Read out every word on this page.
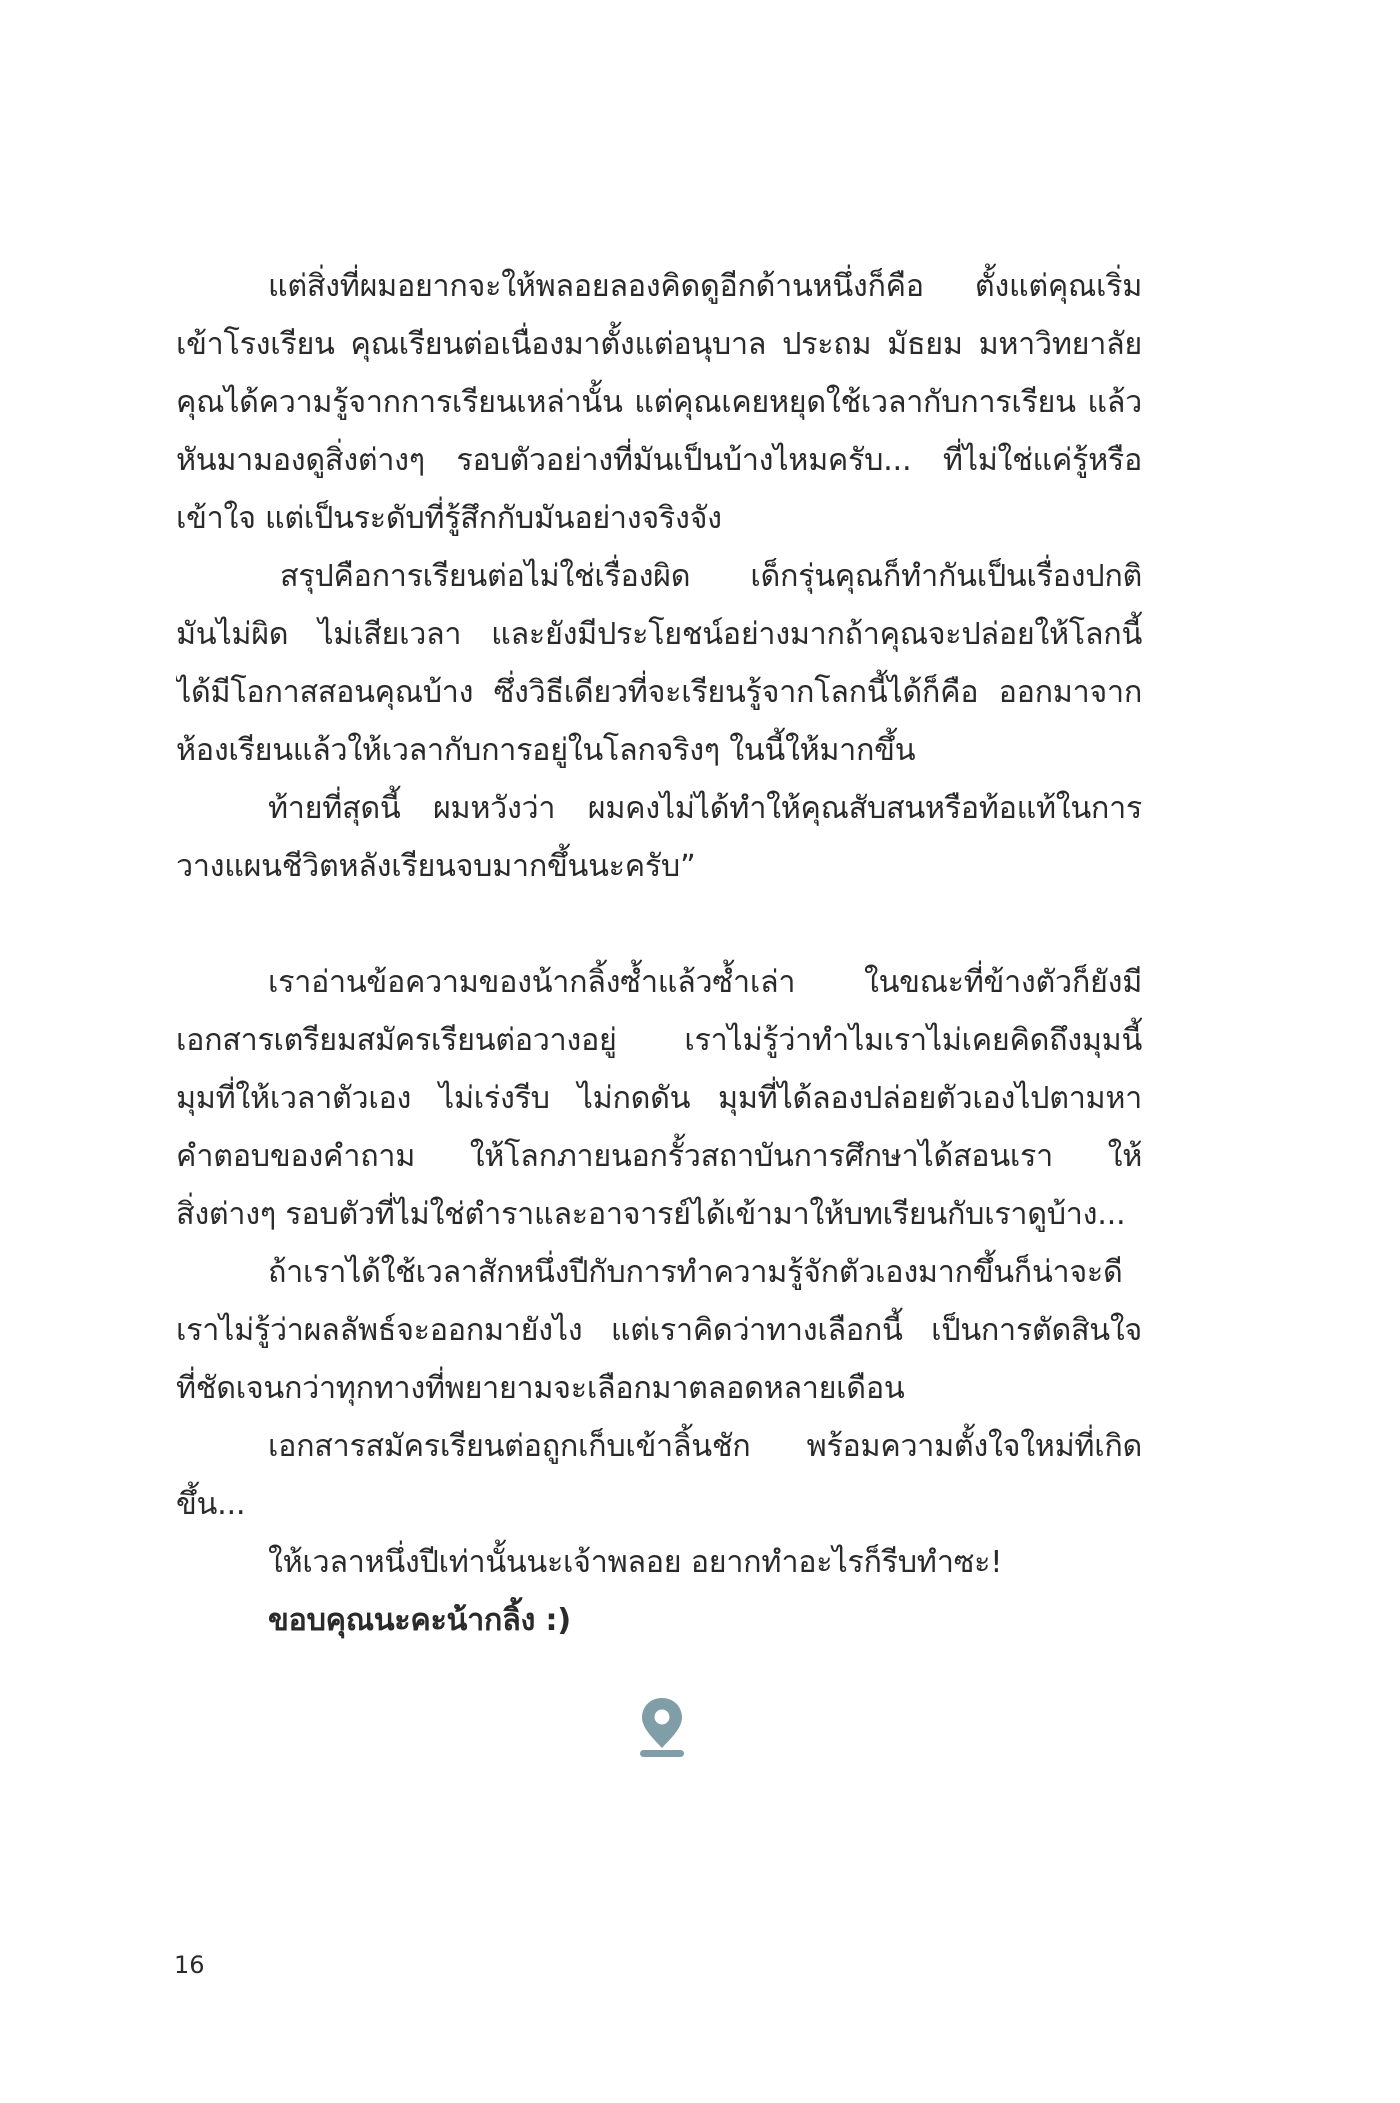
แต่สิ่งที่ผมอยากจะให้พลอยลองคิดดูอีกด้านหนึ่งก็คือ ตั้งแต่คุณเริ่ม
เข้าโรงเรียน คุณเรียนต่อเนื่องมาตั้งแต่อนุบาล ประถม มัธยม มหาวิทยาลัย
คุณได้ความรู้จากการเรียนเหล่านั้น แต่คุณเคยหยุดใช้เวลากับการเรียน แล้ว
หันมามองดูสิ่งต่างๆ รอบตัวอย่างที่มันเป็นบ้างไหมครับ... ที่ไม่ใช่แค่รู้หรือ
เข้าใจ แต่เป็นระดับที่รู้สึกกับมันอย่างจริงจัง
สรุปคือการเรียนต่อไม่ใช่เรื่องผิด เด็กรุ่นคุณก็ทำกันเป็นเรื่องปกติ
มันไม่ผิด ไม่เสียเวลา และยังมีประโยชน์อย่างมากถ้าคุณจะปล่อยให้โลกนี้
ได้มีโอกาสสอนคุณบ้าง ซึ่งวิธีเดียวที่จะเรียนรู้จากโลกนี้ได้ก็คือ ออกมาจาก
ห้องเรียนแล้วให้เวลากับการอยู่ในโลกจริงๆ ในนี้ให้มากขึ้น
ท้ายที่สุดนี้ ผมหวังว่า ผมคงไม่ได้ทำให้คุณสับสนหรือท้อแท้ในการ
วางแผนชีวิตหลังเรียนจบมากขึ้นนะครับ”
เราอ่านข้อความของน้ากลิ้งซ้ำแล้วซ้ำเล่า ในขณะที่ข้างตัวก็ยังมี
เอกสารเตรียมสมัครเรียนต่อวางอยู่ เราไม่รู้ว่าทำไมเราไม่เคยคิดถึงมุมนี้
มุมที่ให้เวลาตัวเอง ไม่เร่งรีบ ไม่กดดัน มุมที่ได้ลองปล่อยตัวเองไปตามหา
คำตอบของคำถาม ให้โลกภายนอกรั้วสถาบันการศึกษาได้สอนเรา ให้
สิ่งต่างๆ รอบตัวที่ไม่ใช่ตำราและอาจารย์ได้เข้ามาให้บทเรียนกับเราดูบ้าง...
ถ้าเราได้ใช้เวลาสักหนึ่งปีกับการทำความรู้จักตัวเองมากขึ้นก็น่าจะดี
เราไม่รู้ว่าผลลัพธ์จะออกมายังไง แต่เราคิดว่าทางเลือกนี้ เป็นการตัดสินใจ
ที่ชัดเจนกว่าทุกทางที่พยายามจะเลือกมาตลอดหลายเดือน
เอกสารสมัครเรียนต่อถูกเก็บเข้าลิ้นชัก พร้อมความตั้งใจใหม่ที่เกิด
ขึ้น...
ให้เวลาหนึ่งปีเท่านั้นนะเจ้าพลอย อยากทำอะไรก็รีบทำซะ!
ขอบคุณนะคะน้ากลิ้ง :)
16
